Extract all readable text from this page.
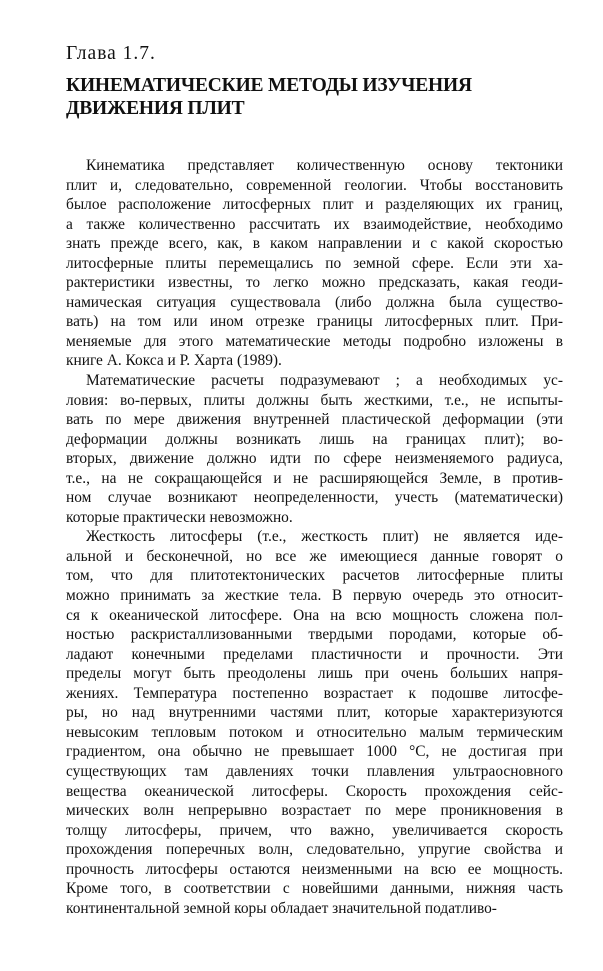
Глава 1.7.
КИНЕМАТИЧЕСКИЕ МЕТОДЫ ИЗУЧЕНИЯ
ДВИЖЕНИЯ ПЛИТ
Кинематика представляет количественную основу тектоники
плит и, следовательно, современной геологии. Чтобы восстановить
былое расположение литосферных плит и разделяющих их границ,
а также количественно рассчитать их взаимодействие, необходимо
знать прежде всего, как, в каком направлении и с какой скоростью
литосферные плиты перемещались по земной сфере. Если эти ха-
рактеристики известны, то легко можно предсказать, какая геоди-
намическая ситуация существовала (либо должна была существо-
вать) на том или ином отрезке границы литосферных плит. При-
меняемые для этого математические методы подробно изложены в
книге А. Кокса и Р. Харта (1989).
Математические расчеты подразумевают ; а необходимых ус-
ловия: во-первых, плиты должны быть жесткими, т.е., не испыты-
вать по мере движения внутренней пластической деформации (эти
деформации должны возникать лишь на границах плит); во-
вторых, движение должно идти по сфере неизменяемого радиуса,
т.е., на не сокращающейся и не расширяющейся Земле, в против-
ном случае возникают неопределенности, учесть (математически)
которые практически невозможно.
Жесткость литосферы (т.е., жесткость плит) не является иде-
альной и бесконечной, но все же имеющиеся данные говорят о
том, что для плитотектонических расчетов литосферные плиты
можно принимать за жесткие тела. В первую очередь это относит-
ся к океанической литосфере. Она на всю мощность сложена пол-
ностью раскристаллизованными твердыми породами, которые об-
ладают конечными пределами пластичности и прочности. Эти
пределы могут быть преодолены лишь при очень больших напря-
жениях. Температура постепенно возрастает к подошве литосфе-
ры, но над внутренними частями плит, которые характеризуются
невысоким тепловым потоком и относительно малым термическим
градиентом, она обычно не превышает 1000 °С, не достигая при
существующих там давлениях точки плавления ультраосновного
вещества океанической литосферы. Скорость прохождения сейс-
мических волн непрерывно возрастает по мере проникновения в
толщу литосферы, причем, что важно, увеличивается скорость
прохождения поперечных волн, следовательно, упругие свойства и
прочность литосферы остаются неизменными на всю ее мощность.
Кроме того, в соответствии с новейшими данными, нижняя часть
континентальной земной коры обладает значительной податливо-
